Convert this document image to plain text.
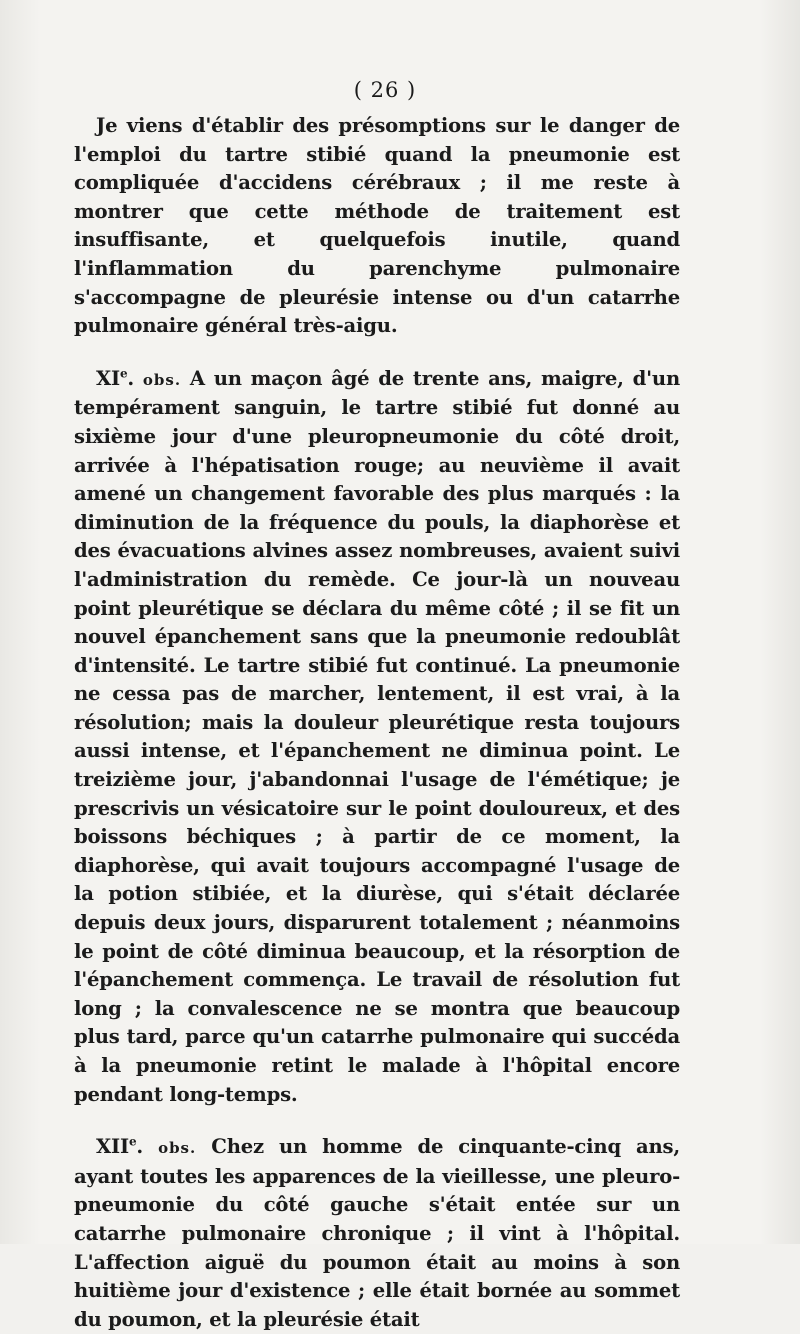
( 26 )

Je viens d'établir des présomptions sur le danger de l'emploi du tartre stibié quand la pneumonie est compliquée d'accidens cérébraux ; il me reste à montrer que cette méthode de traitement est insuffisante, et quelquefois inutile, quand l'inflammation du parenchyme pulmonaire s'accompagne de pleurésie intense ou d'un catarrhe pulmonaire général très-aigu.

XIe. obs. A un maçon âgé de trente ans, maigre, d'un tempérament sanguin, le tartre stibié fut donné au sixième jour d'une pleuropneumonie du côté droit, arrivée à l'hépatisation rouge; au neuvième il avait amené un changement favorable des plus marqués : la diminution de la fréquence du pouls, la diaphorèse et des évacuations alvines assez nombreuses, avaient suivi l'administration du remède. Ce jour-là un nouveau point pleurétique se déclara du même côté ; il se fit un nouvel épanchement sans que la pneumonie redoublât d'intensité. Le tartre stibié fut continué. La pneumonie ne cessa pas de marcher, lentement, il est vrai, à la résolution; mais la douleur pleurétique resta toujours aussi intense, et l'épanchement ne diminua point. Le treizième jour, j'abandonnai l'usage de l'émétique; je prescrivis un vésicatoire sur le point douloureux, et des boissons béchiques ; à partir de ce moment, la diaphorèse, qui avait toujours accompagné l'usage de la potion stibiée, et la diurèse, qui s'était déclarée depuis deux jours, disparurent totalement ; néanmoins le point de côté diminua beaucoup, et la résorption de l'épanchement commença. Le travail de résolution fut long ; la convalescence ne se montra que beaucoup plus tard, parce qu'un catarrhe pulmonaire qui succéda à la pneumonie retint le malade à l'hôpital encore pendant long-temps.

XIIe. obs. Chez un homme de cinquante-cinq ans, ayant toutes les apparences de la vieillesse, une pleuro-pneumonie du côté gauche s'était entée sur un catarrhe pulmonaire chronique ; il vint à l'hôpital. L'affection aiguë du poumon était au moins à son huitième jour d'existence ; elle était bornée au sommet du poumon, et la pleurésie était
